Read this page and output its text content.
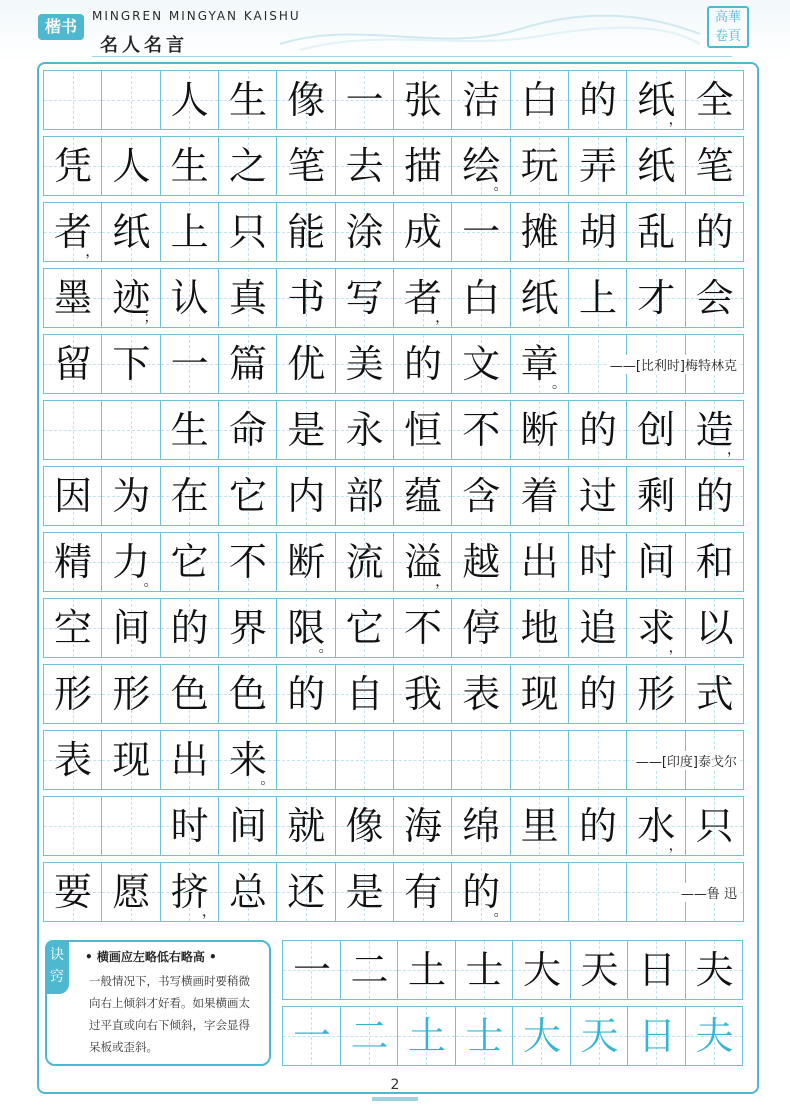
楷书
MINGREN MINGYAN KAISHU
名人名言
高華
卷頁
人 生 像 一 张 洁 白 的 纸
， 全
凭 人 生 之 笔 去 描 绘
。 玩 弄 纸 笔
者
， 纸 上 只 能 涂 成 一 摊 胡 乱 的
墨 迹
； 认 真 书 写 者
， 白 纸 上 才 会
留 下 一 篇 优 美 的 文 章
。
生 命 是 永 恒 不 断 的 创 造
，
因 为 在 它 内 部 蕴 含 着 过 剩 的
精 力
。 它 不 断 流 溢
， 越 出 时 间 和
空 间 的 界 限
。 它 不 停 地 追 求
， 以
形 形 色 色 的 自 我 表 现 的 形 式
表 现 出 来
。
时 间 就 像 海 绵 里 的 水
， 只
要 愿 挤
， 总 还 是 有 的
。
诀窍
• 横画应左略低右略高 •
一般情况下，书写横画时要稍微向右上倾斜才好看。如果横画太过平直或向右下倾斜，字会显得呆板或歪斜。
一 二 土 士 大 天 日 夫
一 二 土 士 大 天 日 夫
2
——[比利时]梅特林克
——[印度]泰戈尔
——鲁 迅
